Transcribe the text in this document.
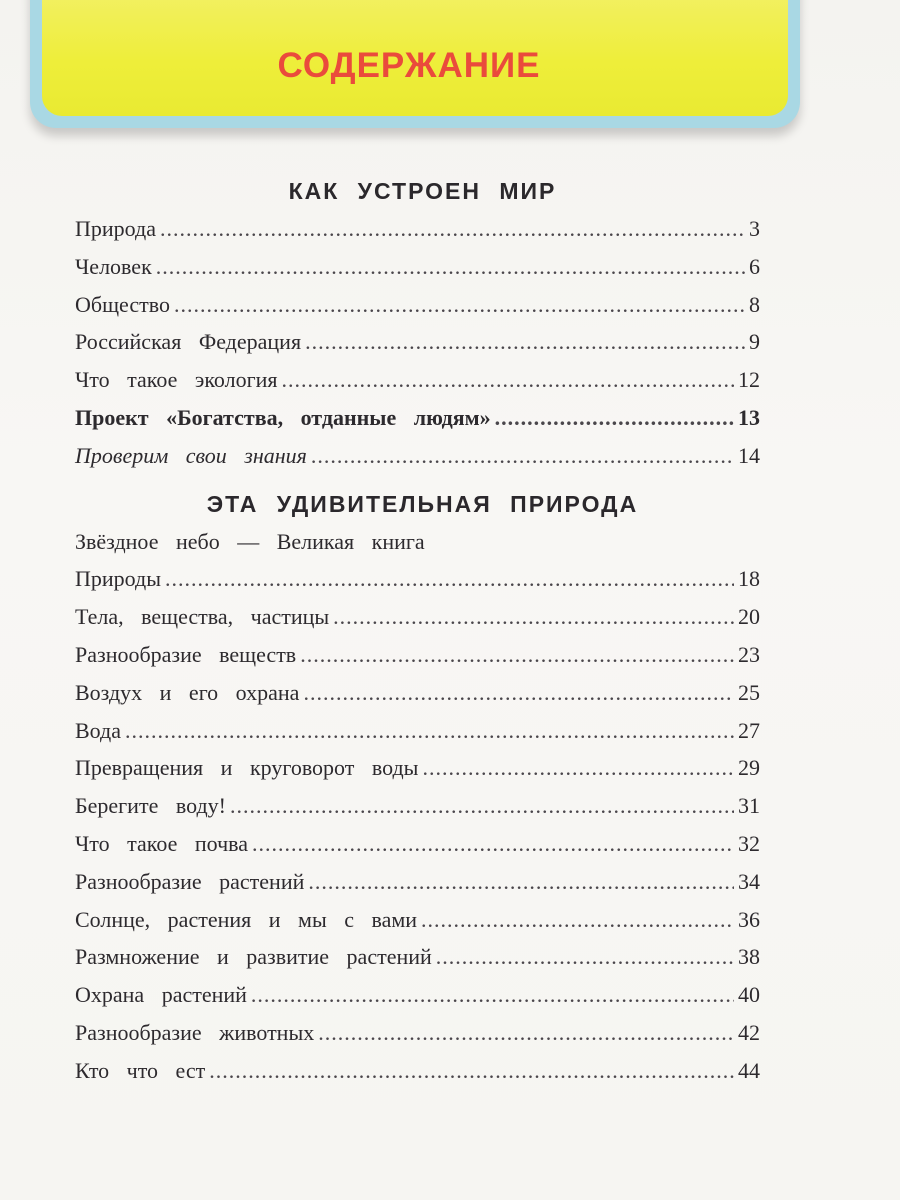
СОДЕРЖАНИЕ
КАК УСТРОЕН МИР
Природа .....	3
Человек .....	6
Общество .....	8
Российская Федерация .....	9
Что такое экология .....	12
Проект «Богатства, отданные людям» .....	13
Проверим свои знания .....	14
ЭТА УДИВИТЕЛЬНАЯ ПРИРОДА
Звёздное небо — Великая книга
Природы .....	18
Тела, вещества, частицы .....	20
Разнообразие веществ .....	23
Воздух и его охрана .....	25
Вода .....	27
Превращения и круговорот воды .....	29
Берегите воду! .....	31
Что такое почва .....	32
Разнообразие растений .....	34
Солнце, растения и мы с вами .....	36
Размножение и развитие растений .....	38
Охрана растений .....	40
Разнообразие животных .....	42
Кто что ест .....	44
